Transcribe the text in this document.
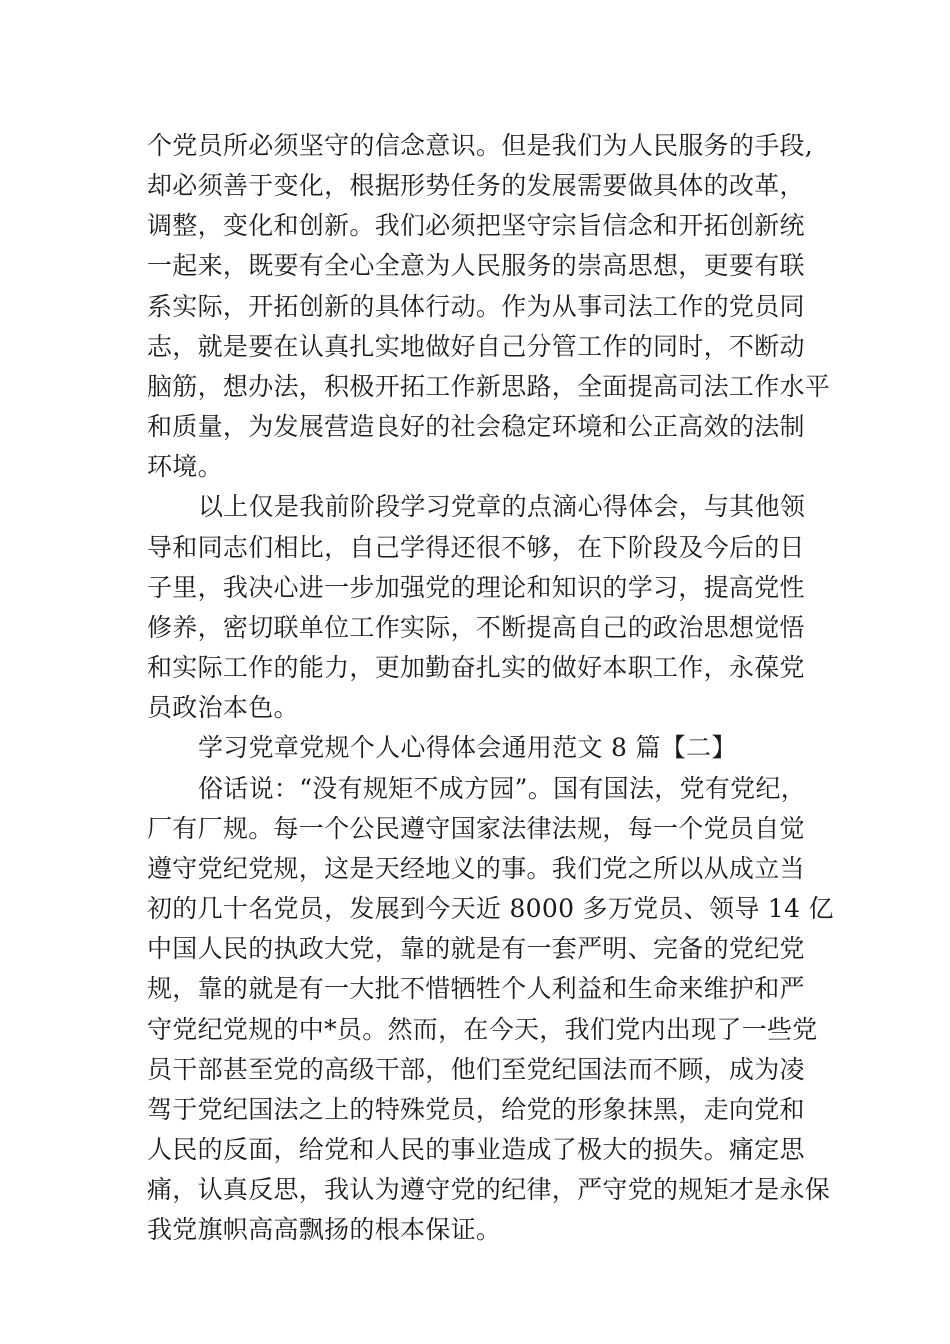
个党员所必须坚守的信念意识。但是我们为人民服务的手段,
却必须善于变化，根据形势任务的发展需要做具体的改革，
调整，变化和创新。我们必须把坚守宗旨信念和开拓创新统
一起来，既要有全心全意为人民服务的崇高思想，更要有联
系实际，开拓创新的具体行动。作为从事司法工作的党员同
志，就是要在认真扎实地做好自己分管工作的同时，不断动
脑筋，想办法，积极开拓工作新思路，全面提高司法工作水平
和质量，为发展营造良好的社会稳定环境和公正高效的法制
环境。
以上仅是我前阶段学习党章的点滴心得体会，与其他领
导和同志们相比，自己学得还很不够，在下阶段及今后的日
子里，我决心进一步加强党的理论和知识的学习，提高党性
修养，密切联单位工作实际，不断提高自己的政治思想觉悟
和实际工作的能力，更加勤奋扎实的做好本职工作，永葆党
员政治本色。
学习党章党规个人心得体会通用范文 8 篇【二】
俗话说：“没有规矩不成方园”。国有国法，党有党纪，
厂有厂规。每一个公民遵守国家法律法规，每一个党员自觉
遵守党纪党规，这是天经地义的事。我们党之所以从成立当
初的几十名党员，发展到今天近 8000 多万党员、领导 14 亿
中国人民的执政大党，靠的就是有一套严明、完备的党纪党
规，靠的就是有一大批不惜牺牲个人利益和生命来维护和严
守党纪党规的中*员。然而，在今天，我们党内出现了一些党
员干部甚至党的高级干部，他们至党纪国法而不顾，成为凌
驾于党纪国法之上的特殊党员，给党的形象抹黑，走向党和
人民的反面，给党和人民的事业造成了极大的损失。痛定思
痛，认真反思，我认为遵守党的纪律，严守党的规矩才是永保
我党旗帜高高飘扬的根本保证。
